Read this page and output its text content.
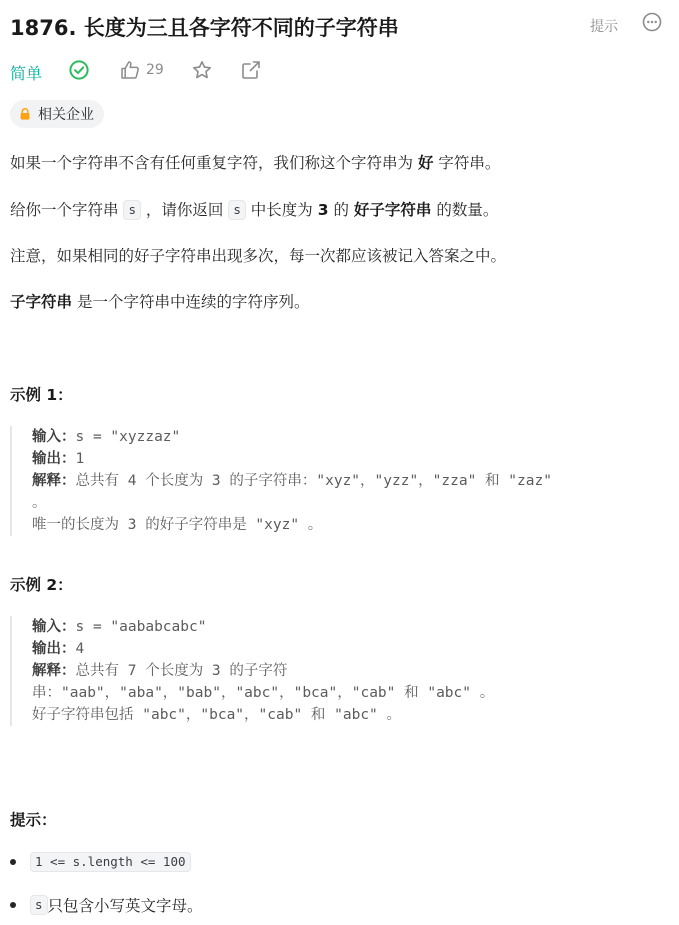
1876. 长度为三且各字符不同的子字符串	提示
简单	29
相关企业
如果一个字符串不含有任何重复字符，我们称这个字符串为 好 字符串。
给你一个字符串 s ，请你返回 s 中长度为 3 的 好子字符串 的数量。
注意，如果相同的好子字符串出现多次，每一次都应该被记入答案之中。
子字符串 是一个字符串中连续的字符序列。
示例 1：
输入：s = "xyzzaz"
输出：1
解释：总共有 4 个长度为 3 的子字符串："xyz"，"yzz"，"zza" 和 "zaz"
。
唯一的长度为 3 的好子字符串是 "xyz" 。
示例 2：
输入：s = "aababcabc"
输出：4
解释：总共有 7 个长度为 3 的子字符
串："aab"，"aba"，"bab"，"abc"，"bca"，"cab" 和 "abc" 。
好子字符串包括 "abc"，"bca"，"cab" 和 "abc" 。
提示：
1 <= s.length <= 100
s 只包含小写英文字母。
